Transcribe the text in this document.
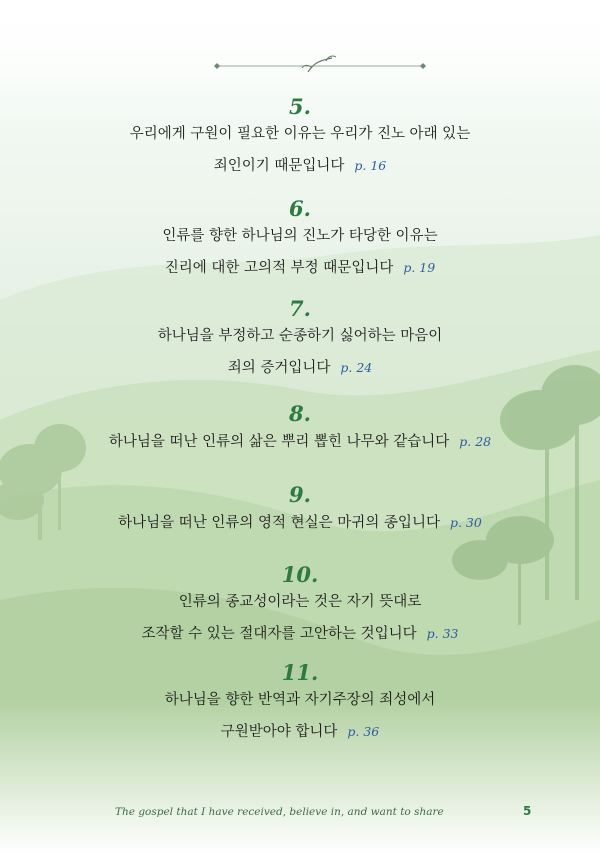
5.
우리에게 구원이 필요한 이유는 우리가 진노 아래 있는
죄인이기 때문입니다 p. 16
6.
인류를 향한 하나님의 진노가 타당한 이유는
진리에 대한 고의적 부정 때문입니다 p. 19
7.
하나님을 부정하고 순종하기 싫어하는 마음이
죄의 증거입니다 p. 24
8.
하나님을 떠난 인류의 삶은 뿌리 뽑힌 나무와 같습니다 p. 28
9.
하나님을 떠난 인류의 영적 현실은 마귀의 종입니다 p. 30
10.
인류의 종교성이라는 것은 자기 뜻대로
조작할 수 있는 절대자를 고안하는 것입니다 p. 33
11.
하나님을 향한 반역과 자기주장의 죄성에서
구원받아야 합니다 p. 36
The gospel that I have received, believe in, and want to share	5
